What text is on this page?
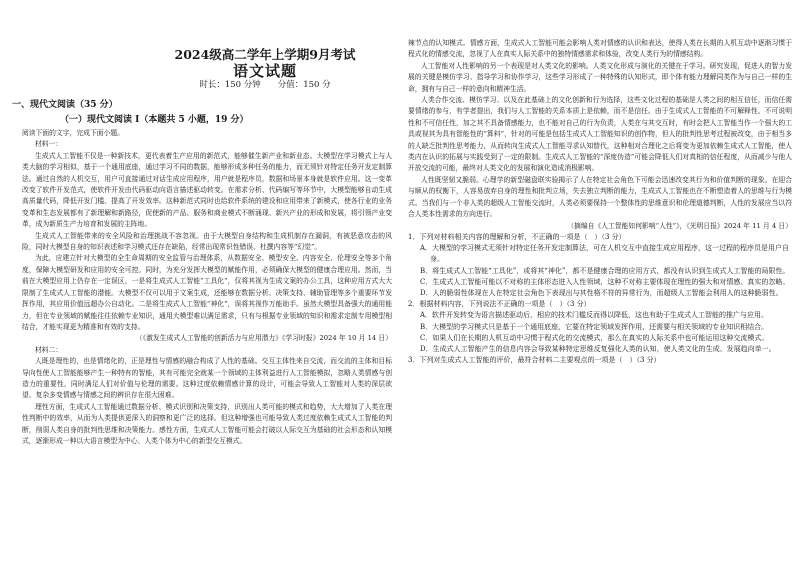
2024级高二学年上学期9月考试
语文试题
时长：150 分钟　　分值：150 分
一、现代文阅读（35 分）
（一）现代文阅读 I（本题共 5 小题，19 分）

阅读下面的文字，完成下面小题。

材料一：

生成式人工智能不仅是一种新技术，更代表着生产应用的新范式，能够催生新产业和新业态。大模型在学习模式上与人类大脑的学习相似，基于一个通用底座，通过学习不同的数据，能够形成多种任务的能力，而无须针对特定任务开发定制算法。通过自然的人机交互，用户可直接通过对话生成应用程序，用户就是程序员，数据和场景本身就是软件应用。这一变革改变了软件开发范式，使软件开发由代码驱动向语言描述驱动转变。在需求分析、代码编写等环节中，大模型能够自动生成高质量代码，降低开发门槛、提高了开发效率。这种新范式同时也给软件系统的建设和应用带来了新模式，使各行业的业务变革和生态发展都有了新理解和新路径，促使新的产品、服务和商业模式不断涌现、新兴产业的形成和发展，将引领产业变革，成为新质生产力培育和发展的主阵地。

生成式人工智能带来的安全风险和治理挑战不容忽视。由于大模型自身结构和生成机制存在漏洞，有被恶意攻击的风险，同时大模型自身的知识表述和学习模式还存在缺陷，经常出现常识性错误、杜撰内容等“幻觉”。

为此，应建立针对大模型的全生命周期的安全监管与治理体系，从数据安全、模型安全、内容安全、伦理安全等多个角度，保障大模型研发和应用的安全可控。同时，为充分发挥大模型的赋能作用，必须确保大模型的健康合理应用。然而，当前在大模型应用上仍存在一定误区，一是将生成式人工智能“工具化”，仅将其视为生成文案的办公工具，这种应用方式大大限制了生成式人工智能的潜能。大模型不仅可以用于文案生成，还能够在数据分析、决策支持、辅助管理等多个重要环节发挥作用，其应用价值远超办公自动化。二是将生成式人工智能“神化”，误将其视作万能助手。虽然大模型具备强大的通用能力，但在专业领域的赋能往往依赖专业知识，通用大模型难以满足需求，只有与根据专业领域的知识和需求定制专用模型相结合，才能实现更为精准和有效的支持。

（《激发生成式人工智能的创新活力与应用潜力》《学习时报》2024 年 10 月 14 日）

材料二：

人既是理性的，也是情绪化的，正是理性与情感的融合构成了人性的基础。交互主体性来自交流，而交流的主体和目标导向性使人工智能能够产生一种特有的智能，其有可能完全就某一个领域的主体利益进行人工智能模拟，忽略人类情感与创造力的重要性，同时满足人们对价值与伦理的需要。这种过度依赖情感计算的设计，可能会导致人工智能对人类的深层欲望、复杂多变情感与情感之间的辨识存在很大困难。

理性方面，生成式人工智能通过数据分析、模式识别和决策支持，识别出人类可能的模式和趋势，大大增加了人类在理性判断中的效率，从而为人类提供更深入的洞察和更广泛的选择。但这种增强也可能导致人类过度依赖生成式人工智能的判断，削弱人类自身的批判性思维和决策能力。感性方面，生成式人工智能可能会打破以人际交互为基础的社会形态和认知模式，逐渐形成一种以大语言模型为中心、人类个体为中心的新型交互模式。

辣节点的认知模式。情感方面，生成式人工智能可能会影响人类对情感的认识和表达，使得人类在长期的人机互动中逐渐习惯于程式化的情感交流，忽视了人在真实人际关系中的独特情感需求和体验，改变人类行为的情感结构。

人工智能对人性影响的另一个表现是对人类文化的影响。人类文化形成与演化的关键在于学习。研究发现，促进人的智力发展的关键是模仿学习、指导学习和协作学习，这些学习形成了一种特殊的认知形式，即个体有能力理解同类作为与自己一样的生命，拥有与自己一样的意向和精神生活。

人类合作交流、模仿学习、以及在此基础上的文化创新和行为选择，这些文化过程的基础是人类之间的相互信任，而信任需要情绪的参与，有学者提出，我们与人工智能的关系本质上是依赖，而不是信任。由于生成式人工智能的不可解释性、不可说明性和不可信任性，加之其不具备情感能力，也不能对自己的行为负责，人类在与其交互时，有时会把人工智能当作一个强大的工具或视其为具有智能性的“算料”，针对的可能是包括生成式人工智能知识的创作物，但人的批判性思考过程被改变，由于相当多的人缺乏批判性思考能力，从而转向生成式人工智能寻求认知替代，这种相对合理化之后将变为更加依赖生成式人工智能，使人类内在认识的拓展与实践受到了一定的限制。生成式人工智能的“深度伪造”可能会降低人们对真相的信任程度，从而减少与他人开放交流的可能，最终对人类文化的发展和演化造成消极影响。

人性既坚韧又脆弱。心理学的新型磁盘联实验揭示了人在特定社会角色下可能会迅速改变其行为和价值判断的现象。在迎合与顺从的权衡下，人容易放弃自身的理性和批判立场，失去独立判断的能力，生成式人工智能也在不断塑造着人的思维与行为模式。当我们与一个非人类的超级人工智能交流时，人类必须要保持一个整体性的思维意识和伦理道德判断，人性的发展应当以符合人类本性需求的方向进行。

（摘编自《人工智能如何影响“人性”》，《光明日报》2024 年 11 月 4 日）

1．下列对材料相关内容的理解和分析，不正确的一项是（　）（3 分）
A．大模型的学习模式无须针对特定任务开发定制算法，可在人机交互中直接生成应用程序，这一过程的程序员是用户自身。
B．将生成式人工智能“工具化”，或将其“神化”，都不是健康合理的应用方式，都没有认识到生成式人工智能的局限性。
C．生成式人工智能可能以不对称的主体形态进入人性领域，这种不对称主要体现在理性的强大和对情感、真实的忽略。
D．人的脆弱性体现在人在特定社会角色下表现出与其性格不符的异常行为，而超级人工智能会利用人的这种脆弱性。
2．根据材料内容，下列说法不正确的一项是（　）（3 分）
A．软件开发转变为语言描述驱动后，相应的技术门槛反而得以降低，这也有助于生成式人工智能的推广与应用。
B．大模型的学习模式只是基于一个通用底座，它要在特定领域发挥作用，还需要与相关领域的专业知识相结合。
C．如果人们在长期的人机互动中习惯于程式化的交流模式，那么在真实的人际关系中也可能运用这种交流模式。
D．生成式人工智能产生的信息内容会导致某种特定思维反复强化人类的认知，使人类文化的生成、发展趋向单一。
3．下列对生成式人工智能的评价，最符合材料二主要观点的一项是（　）（3 分）
